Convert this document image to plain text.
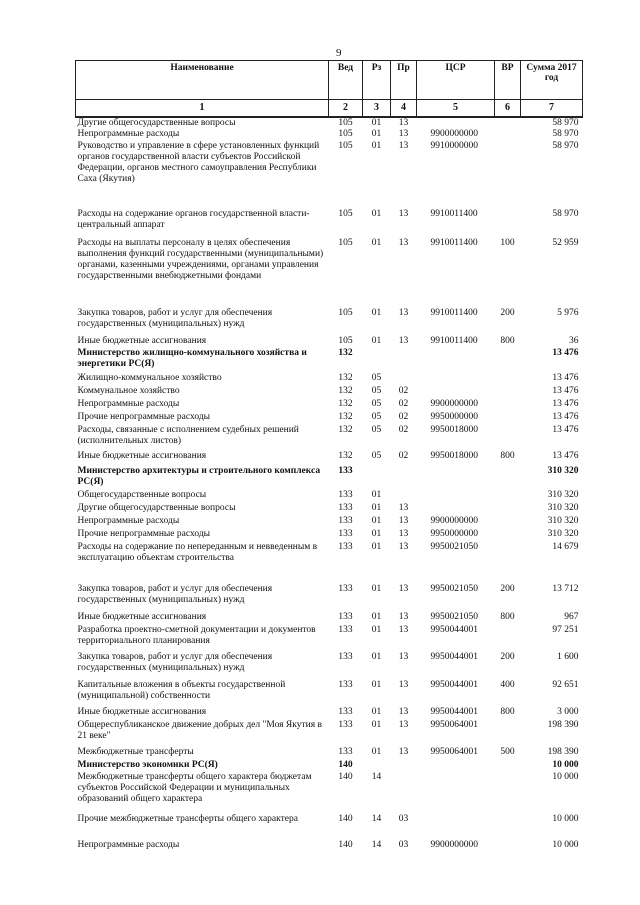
9
Наименование	Вед	Рз	Пр	ЦСР	ВР	Сумма 2017 год
1	2	3	4	5	6	7
Другие общегосударственные вопросы	105	01	13			58 970
Непрограммные расходы	105	01	13	9900000000		58 970
Руководство и управление в сфере установленных функций органов государственной власти субъектов Российской Федерации, органов местного самоуправления Республики Саха (Якутия)	105	01	13	9910000000		58 970
Расходы на содержание органов государственной власти- центральный аппарат	105	01	13	9910011400		58 970
Расходы на выплаты персоналу в целях обеспечения выполнения функций государственными (муниципальными) органами, казенными учреждениями, органами управления государственными внебюджетными фондами	105	01	13	9910011400	100	52 959
Закупка товаров, работ и услуг для обеспечения государственных (муниципальных) нужд	105	01	13	9910011400	200	5 976
Иные бюджетные ассигнования	105	01	13	9910011400	800	36
Министерство жилищно-коммунального хозяйства и энергетики РС(Я)	132					13 476
Жилищно-коммунальное хозяйство	132	05				13 476
Коммунальное хозяйство	132	05	02			13 476
Непрограммные расходы	132	05	02	9900000000		13 476
Прочие непрограммные расходы	132	05	02	9950000000		13 476
Расходы, связанные с исполнением судебных решений (исполнительных листов)	132	05	02	9950018000		13 476
Иные бюджетные ассигнования	132	05	02	9950018000	800	13 476
Министерство архитектуры и строительного комплекса РС(Я)	133					310 320
Общегосударственные вопросы	133	01				310 320
Другие общегосударственные вопросы	133	01	13			310 320
Непрограммные расходы	133	01	13	9900000000		310 320
Прочие непрограммные расходы	133	01	13	9950000000		310 320
Расходы на содержание по непереданным и невведенным в эксплуатацию объектам строительства	133	01	13	9950021050		14 679
Закупка товаров, работ и услуг для обеспечения государственных (муниципальных) нужд	133	01	13	9950021050	200	13 712
Иные бюджетные ассигнования	133	01	13	9950021050	800	967
Разработка проектно-сметной документации и документов территориального планирования	133	01	13	9950044001		97 251
Закупка товаров, работ и услуг для обеспечения государственных (муниципальных) нужд	133	01	13	9950044001	200	1 600
Капитальные вложения в объекты государственной (муниципальной) собственности	133	01	13	9950044001	400	92 651
Иные бюджетные ассигнования	133	01	13	9950044001	800	3 000
Общереспубликанское движение добрых дел "Моя Якутия в 21 веке"	133	01	13	9950064001		198 390
Межбюджетные трансферты	133	01	13	9950064001	500	198 390
Министерство экономики РС(Я)	140					10 000
Межбюджетные трансферты общего характера бюджетам субъектов Российской Федерации и муниципальных образований общего характера	140	14				10 000
Прочие межбюджетные трансферты общего характера	140	14	03			10 000
Непрограммные расходы	140	14	03	9900000000		10 000
